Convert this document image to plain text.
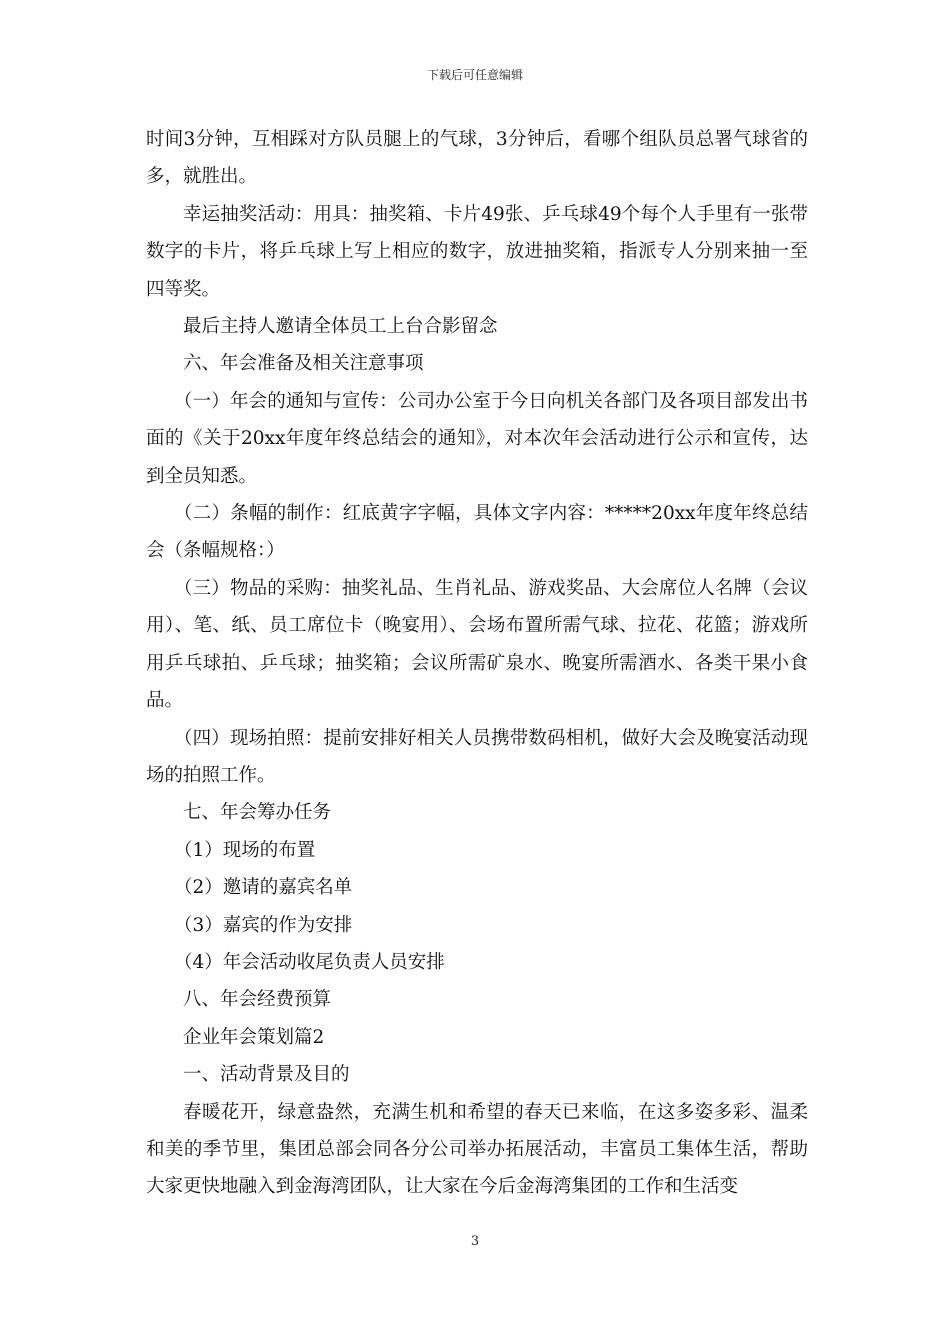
下载后可任意编辑

时间3分钟，互相踩对方队员腿上的气球，3分钟后，看哪个组队员总署气球省的多，就胜出。

幸运抽奖活动：用具：抽奖箱、卡片49张、乒乓球49个每个人手里有一张带数字的卡片，将乒乓球上写上相应的数字，放进抽奖箱，指派专人分别来抽一至四等奖。

最后主持人邀请全体员工上台合影留念

六、年会准备及相关注意事项

（一）年会的通知与宣传：公司办公室于今日向机关各部门及各项目部发出书面的《关于20xx年度年终总结会的通知》，对本次年会活动进行公示和宣传，达到全员知悉。

（二）条幅的制作：红底黄字字幅，具体文字内容：*****20xx年度年终总结会（条幅规格：）

（三）物品的采购：抽奖礼品、生肖礼品、游戏奖品、大会席位人名牌（会议用）、笔、纸、员工席位卡（晚宴用）、会场布置所需气球、拉花、花篮；游戏所用乒乓球拍、乒乓球；抽奖箱；会议所需矿泉水、晚宴所需酒水、各类干果小食品。

（四）现场拍照：提前安排好相关人员携带数码相机，做好大会及晚宴活动现场的拍照工作。

七、年会筹办任务

（1）现场的布置

（2）邀请的嘉宾名单

（3）嘉宾的作为安排

（4）年会活动收尾负责人员安排

八、年会经费预算

企业年会策划篇2

一、活动背景及目的

春暖花开，绿意盎然，充满生机和希望的春天已来临，在这多姿多彩、温柔和美的季节里，集团总部会同各分公司举办拓展活动，丰富员工集体生活，帮助大家更快地融入到金海湾团队，让大家在今后金海湾集团的工作和生活变

3
